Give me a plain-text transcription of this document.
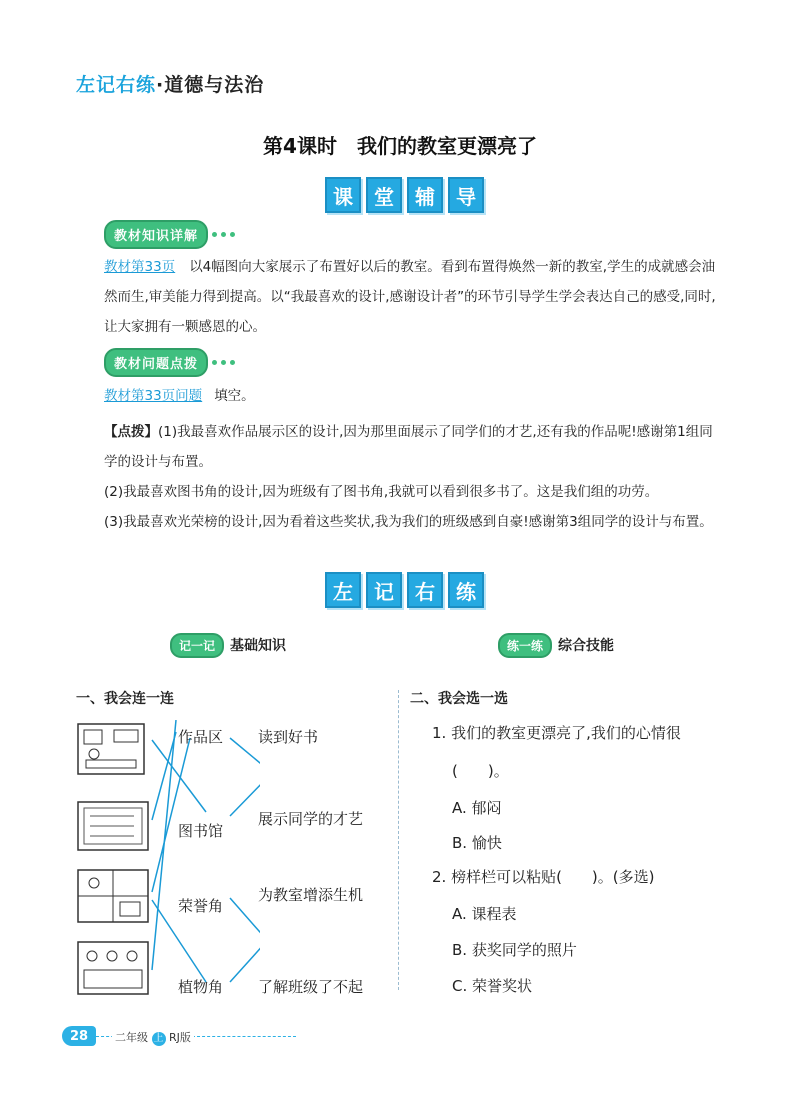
左记右练·道德与法治
第4课时　我们的教室更漂亮了
课	堂	辅	导
教材知识详解

教材第33页 以4幅图向大家展示了布置好以后的教室。看到布置得焕然一新的教室,学生的成就感会油然而生,审美能力得到提高。以“我最喜欢的设计,感谢设计者”的环节引导学生学会表达自己的感受,同时,让大家拥有一颗感恩的心。

教材问题点拨

教材第33页问题 填空。

【点拨】(1)我最喜欢作品展示区的设计,因为那里面展示了同学们的才艺,还有我的作品呢!感谢第1组同学的设计与布置。

(2)我最喜欢图书角的设计,因为班级有了图书角,我就可以看到很多书了。这是我们组的功劳。

(3)我最喜欢光荣榜的设计,因为看着这些奖状,我为我们的班级感到自豪!感谢第3组同学的设计与布置。

左	记	右	练
记一记 基础知识	练一练 综合技能
一、我会连一连	二、我会选一选
作品区
图书馆
荣誉角
植物角
读到好书
展示同学的才艺
为教室增添生机
了解班级了不起
1. 我们的教室更漂亮了,我们的心情很
(　　)。
A. 郁闷
B. 愉快
2. 榜样栏可以粘贴(　　)。(多选)
A. 课程表
B. 获奖同学的照片
C. 荣誉奖状
28	二年级 上 RJ版
